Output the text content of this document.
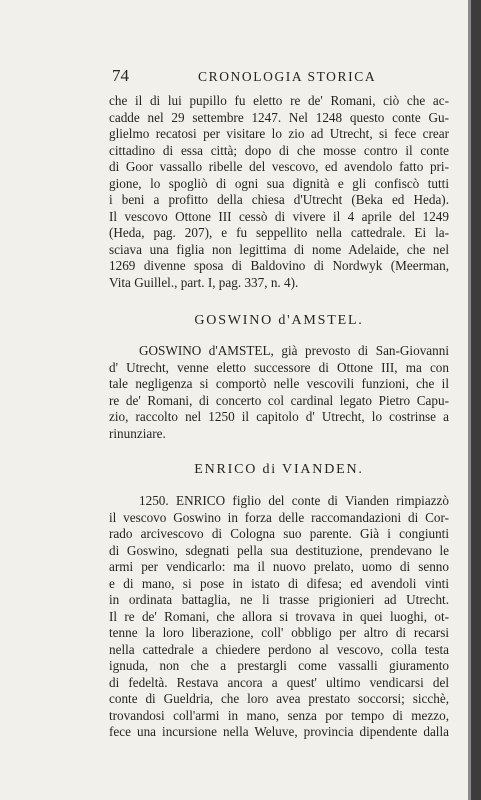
74	CRONOLOGIA STORICA
che il di lui pupillo fu eletto re de' Romani, ciò che ac-
cadde nel 29 settembre 1247. Nel 1248 questo conte Gu-
glielmo recatosi per visitare lo zio ad Utrecht, si fece crear
cittadino di essa città; dopo di che mosse contro il conte
di Goor vassallo ribelle del vescovo, ed avendolo fatto pri-
gione, lo spogliò di ogni sua dignità e gli confiscò tutti
i beni a profitto della chiesa d'Utrecht (Beka ed Heda).
Il vescovo Ottone III cessò di vivere il 4 aprile del 1249
(Heda, pag. 207), e fu seppellito nella cattedrale. Ei la-
sciava una figlia non legittima di nome Adelaide, che nel
1269 divenne sposa di Baldovino di Nordwyk (Meerman,
Vita Guillel., part. I, pag. 337, n. 4).
GOSWINO d'AMSTEL.
GOSWINO d'AMSTEL, già prevosto di San-Giovanni
d' Utrecht, venne eletto successore di Ottone III, ma con
tale negligenza si comportò nelle vescovili funzioni, che il
re de' Romani, di concerto col cardinal legato Pietro Capu-
zio, raccolto nel 1250 il capitolo d' Utrecht, lo costrinse a
rinunziare.
ENRICO di VIANDEN.
1250. ENRICO figlio del conte di Vianden rimpiazzò
il vescovo Goswino in forza delle raccomandazioni di Cor-
rado arcivescovo di Cologna suo parente. Già i congiunti
di Goswino, sdegnati pella sua destituzione, prendevano le
armi per vendicarlo: ma il nuovo prelato, uomo di senno
e di mano, si pose in istato di difesa; ed avendoli vinti
in ordinata battaglia, ne li trasse prigionieri ad Utrecht.
Il re de' Romani, che allora si trovava in quei luoghi, ot-
tenne la loro liberazione, coll' obbligo per altro di recarsi
nella cattedrale a chiedere perdono al vescovo, colla testa
ignuda, non che a prestargli come vassalli giuramento
di fedeltà. Restava ancora a quest' ultimo vendicarsi del
conte di Gueldria, che loro avea prestato soccorsi; sicchè,
trovandosi coll'armi in mano, senza por tempo di mezzo,
fece una incursione nella Weluve, provincia dipendente dalla
